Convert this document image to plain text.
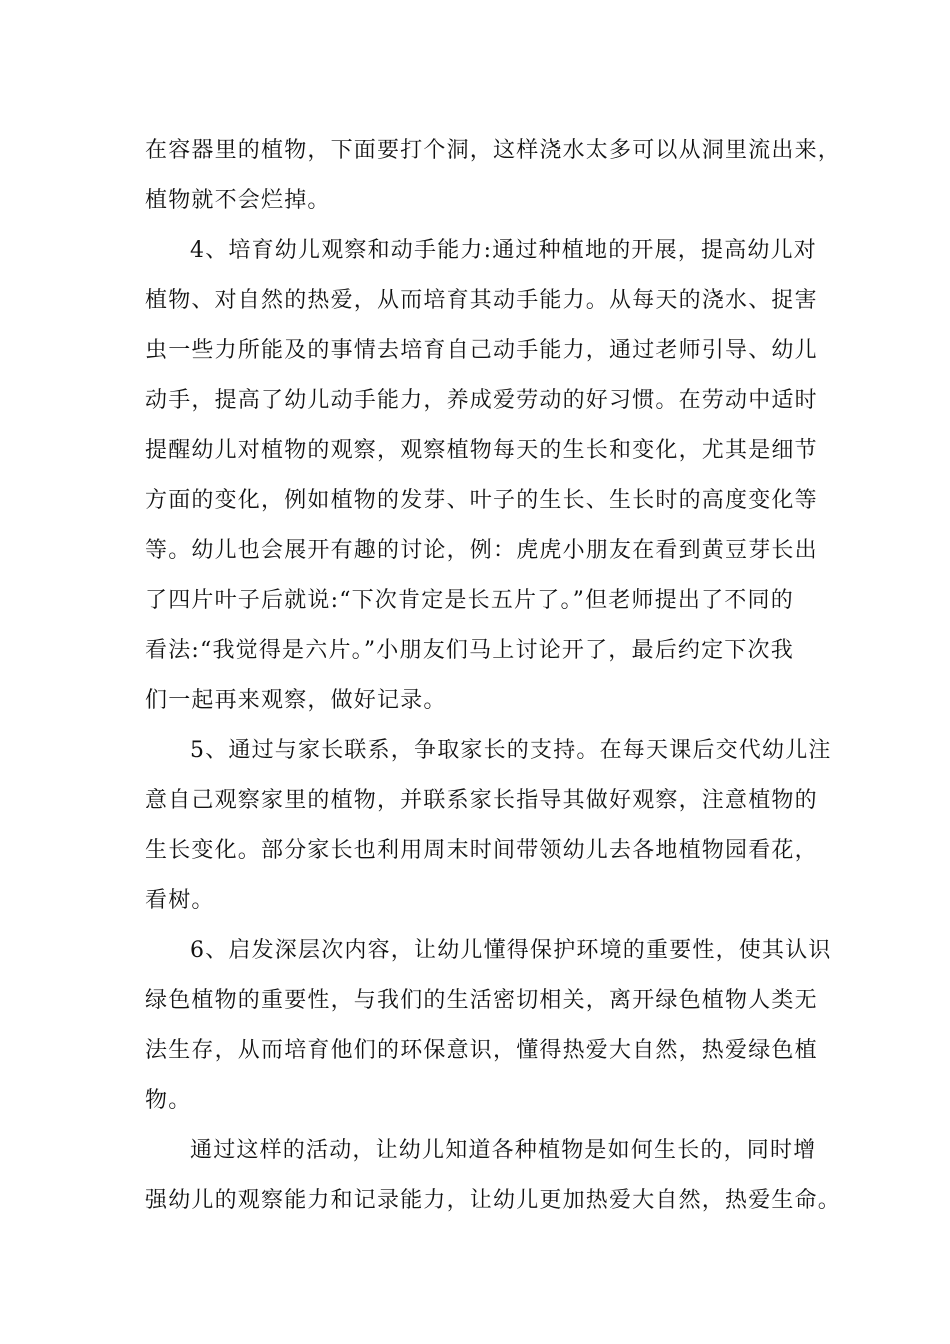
在容器里的植物，下面要打个洞，这样浇水太多可以从洞里流出来，
植物就不会烂掉。
4、培育幼儿观察和动手能力:通过种植地的开展，提高幼儿对
植物、对自然的热爱，从而培育其动手能力。从每天的浇水、捉害
虫一些力所能及的事情去培育自己动手能力，通过老师引导、幼儿
动手，提高了幼儿动手能力，养成爱劳动的好习惯。在劳动中适时
提醒幼儿对植物的观察，观察植物每天的生长和变化，尤其是细节
方面的变化，例如植物的发芽、叶子的生长、生长时的高度变化等
等。幼儿也会展开有趣的讨论，例：虎虎小朋友在看到黄豆芽长出
了四片叶子后就说:“下次肯定是长五片了。”但老师提出了不同的
看法:“我觉得是六片。”小朋友们马上讨论开了，最后约定下次我
们一起再来观察，做好记录。
5、通过与家长联系，争取家长的支持。在每天课后交代幼儿注
意自己观察家里的植物，并联系家长指导其做好观察，注意植物的
生长变化。部分家长也利用周末时间带领幼儿去各地植物园看花，
看树。
6、启发深层次内容，让幼儿懂得保护环境的重要性，使其认识
绿色植物的重要性，与我们的生活密切相关，离开绿色植物人类无
法生存，从而培育他们的环保意识，懂得热爱大自然，热爱绿色植
物。
通过这样的活动，让幼儿知道各种植物是如何生长的，同时增
强幼儿的观察能力和记录能力，让幼儿更加热爱大自然，热爱生命。
